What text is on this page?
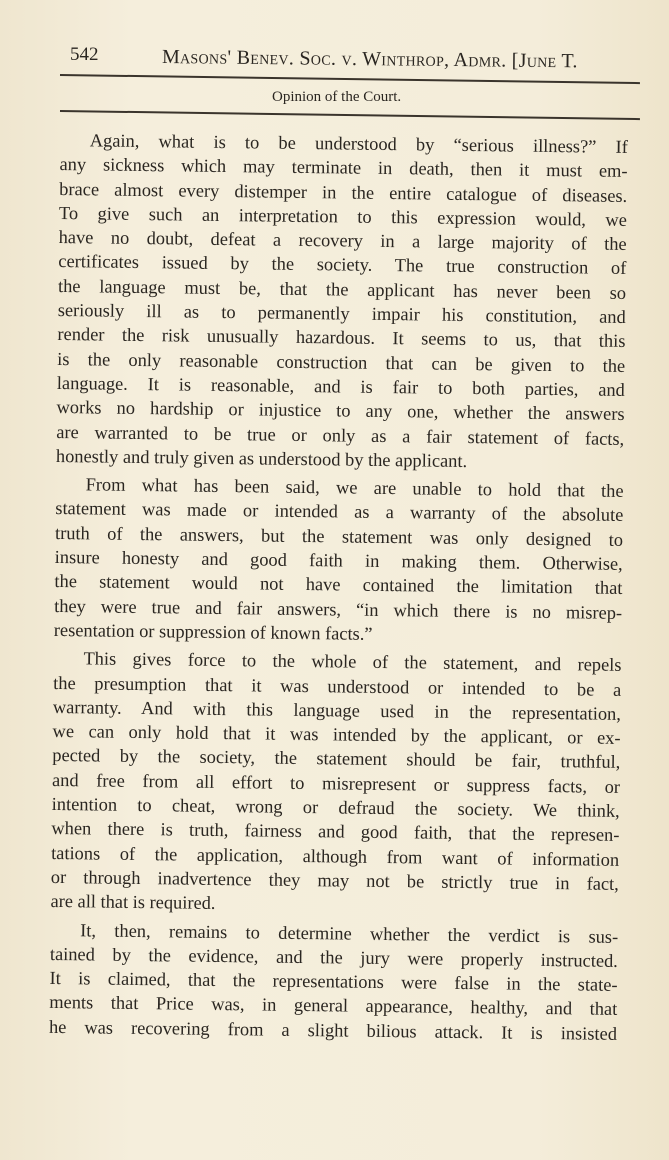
542	Masons' Benev. Soc. v. Winthrop, Admr. [June T.
Opinion of the Court.
Again, what is to be understood by “serious illness?” If
any sickness which may terminate in death, then it must em-
brace almost every distemper in the entire catalogue of diseases.
To give such an interpretation to this expression would, we
have no doubt, defeat a recovery in a large majority of the
certificates issued by the society. The true construction of
the language must be, that the applicant has never been so
seriously ill as to permanently impair his constitution, and
render the risk unusually hazardous. It seems to us, that this
is the only reasonable construction that can be given to the
language. It is reasonable, and is fair to both parties, and
works no hardship or injustice to any one, whether the answers
are warranted to be true or only as a fair statement of facts,
honestly and truly given as understood by the applicant.
From what has been said, we are unable to hold that the
statement was made or intended as a warranty of the absolute
truth of the answers, but the statement was only designed to
insure honesty and good faith in making them. Otherwise,
the statement would not have contained the limitation that
they were true and fair answers, “in which there is no misrep-
resentation or suppression of known facts.”
This gives force to the whole of the statement, and repels
the presumption that it was understood or intended to be a
warranty. And with this language used in the representation,
we can only hold that it was intended by the applicant, or ex-
pected by the society, the statement should be fair, truthful,
and free from all effort to misrepresent or suppress facts, or
intention to cheat, wrong or defraud the society. We think,
when there is truth, fairness and good faith, that the represen-
tations of the application, although from want of information
or through inadvertence they may not be strictly true in fact,
are all that is required.
It, then, remains to determine whether the verdict is sus-
tained by the evidence, and the jury were properly instructed.
It is claimed, that the representations were false in the state-
ments that Price was, in general appearance, healthy, and that
he was recovering from a slight bilious attack. It is insisted
